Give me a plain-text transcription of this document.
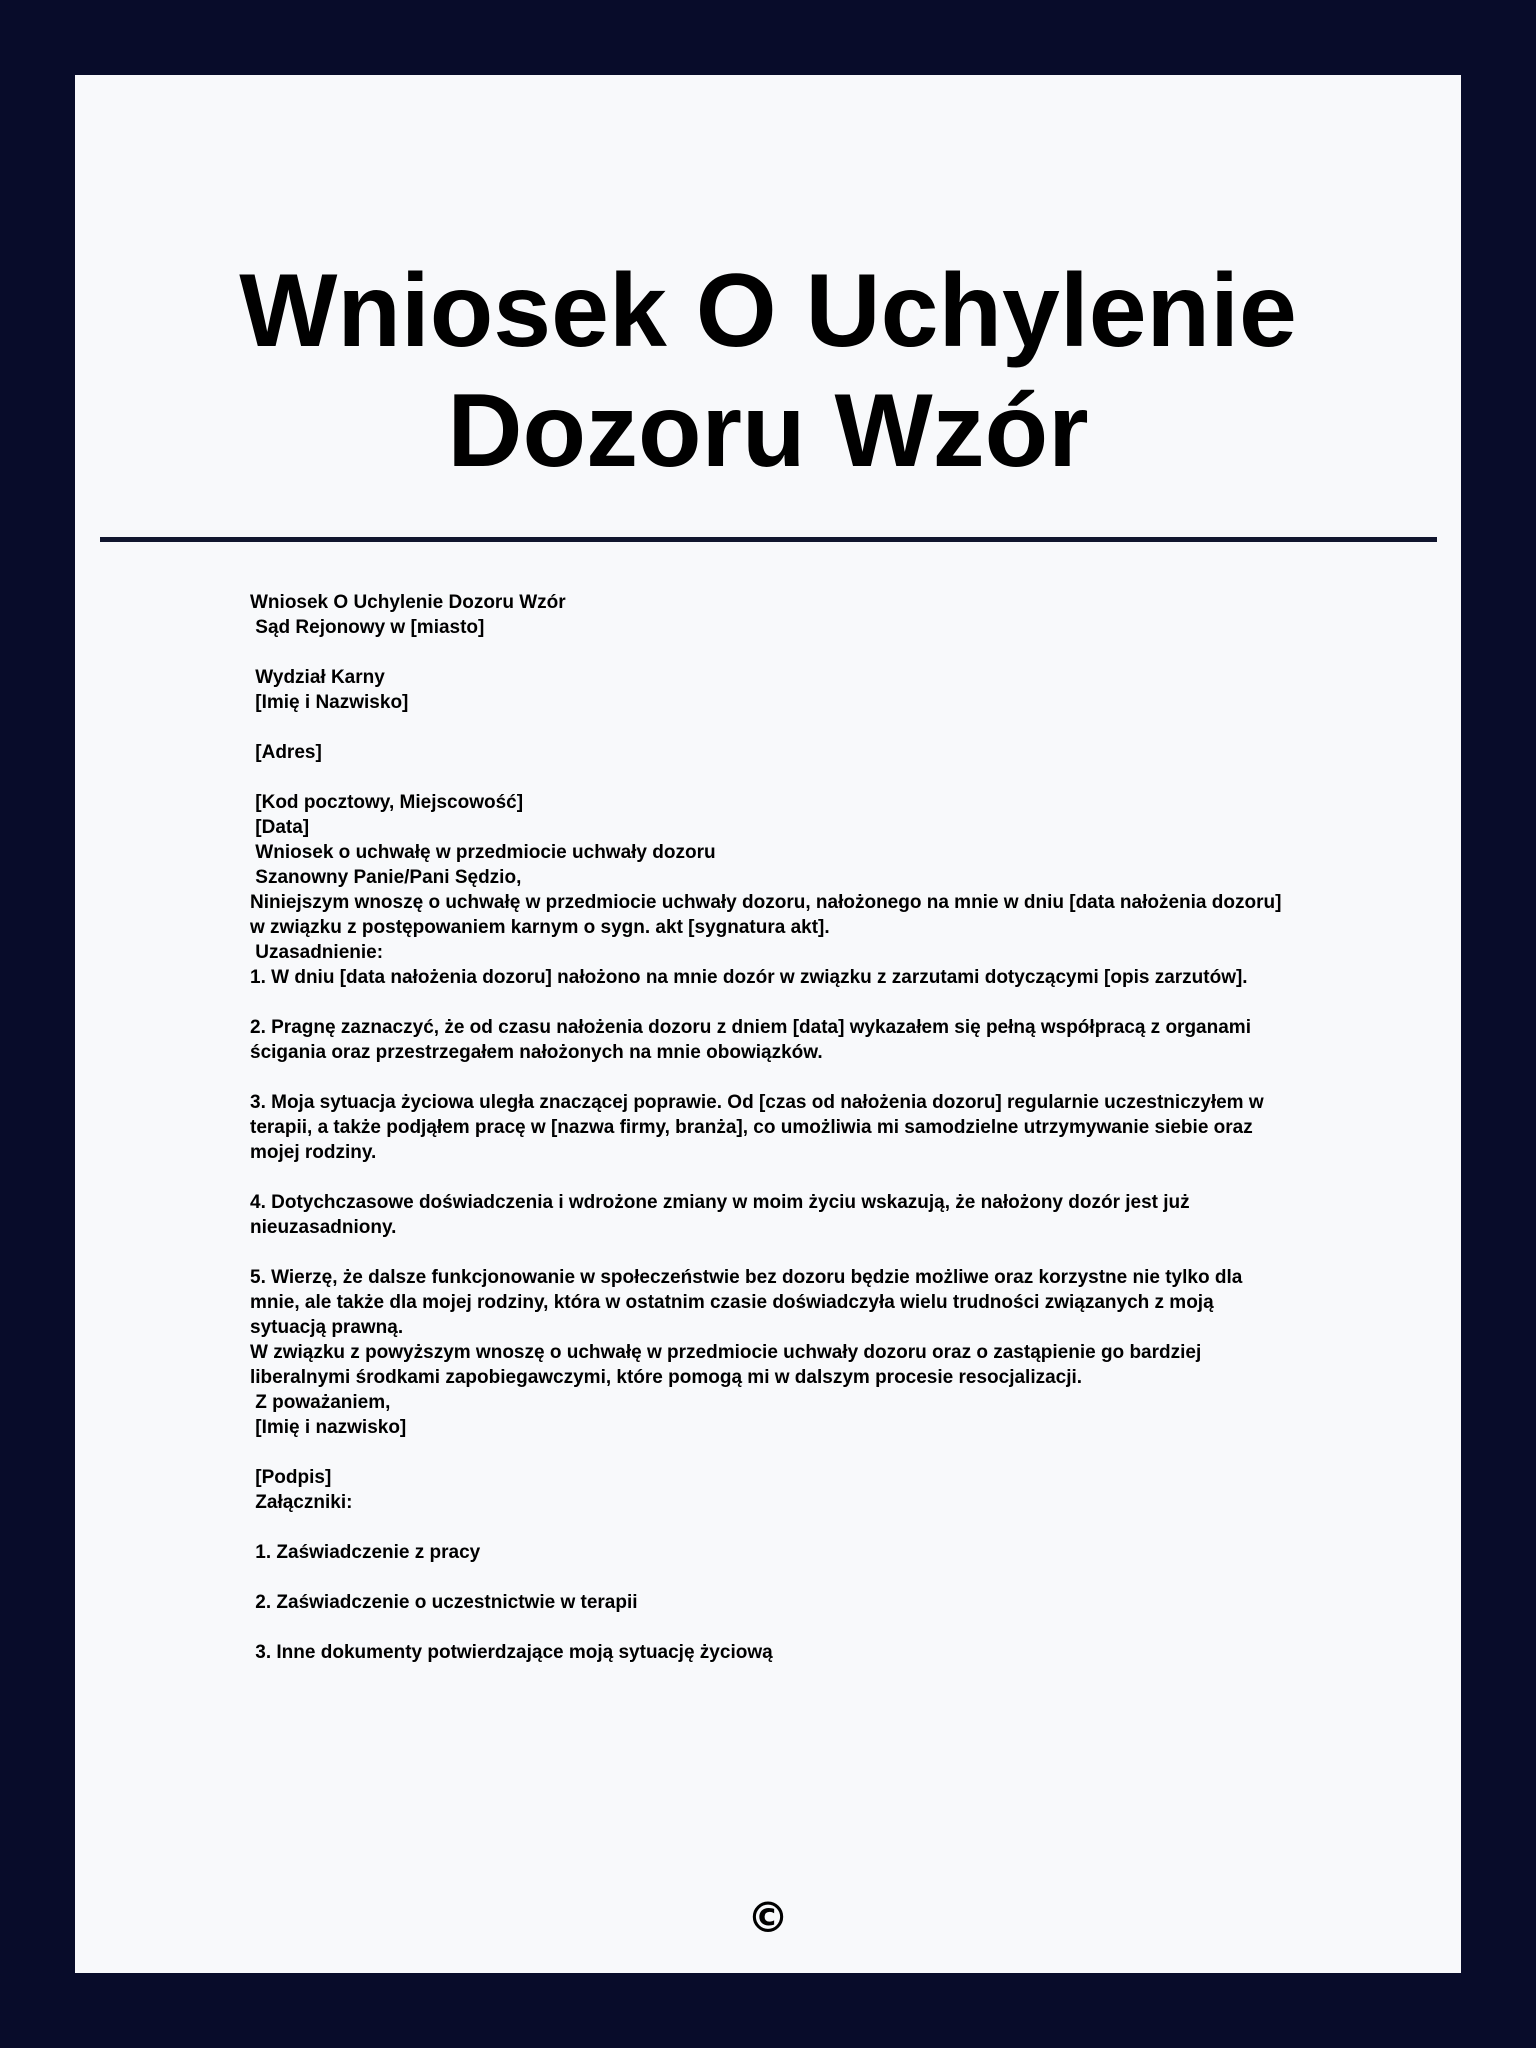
Wniosek O Uchylenie Dozoru Wzór
Wniosek O Uchylenie Dozoru Wzór
Sąd Rejonowy w [miasto]

Wydział Karny
[Imię i Nazwisko]

[Adres]

[Kod pocztowy, Miejscowość]
[Data]
Wniosek o uchwałę w przedmiocie uchwały dozoru
Szanowny Panie/Pani Sędzio,
Niniejszym wnoszę o uchwałę w przedmiocie uchwały dozoru, nałożonego na mnie w dniu [data nałożenia dozoru] w związku z postępowaniem karnym o sygn. akt [sygnatura akt].
Uzasadnienie:
1. W dniu [data nałożenia dozoru] nałożono na mnie dozór w związku z zarzutami dotyczącymi [opis zarzutów].

2. Pragnę zaznaczyć, że od czasu nałożenia dozoru z dniem [data] wykazałem się pełną współpracą z organami ścigania oraz przestrzegałem nałożonych na mnie obowiązków.

3. Moja sytuacja życiowa uległa znaczącej poprawie. Od [czas od nałożenia dozoru] regularnie uczestniczyłem w terapii, a także podjąłem pracę w [nazwa firmy, branża], co umożliwia mi samodzielne utrzymywanie siebie oraz mojej rodziny.

4. Dotychczasowe doświadczenia i wdrożone zmiany w moim życiu wskazują, że nałożony dozór jest już nieuzasadniony.

5. Wierzę, że dalsze funkcjonowanie w społeczeństwie bez dozoru będzie możliwe oraz korzystne nie tylko dla mnie, ale także dla mojej rodziny, która w ostatnim czasie doświadczyła wielu trudności związanych z moją sytuacją prawną.
W związku z powyższym wnoszę o uchwałę w przedmiocie uchwały dozoru oraz o zastąpienie go bardziej liberalnymi środkami zapobiegawczymi, które pomogą mi w dalszym procesie resocjalizacji.
Z poważaniem,
[Imię i nazwisko]

[Podpis]
Załączniki:

1. Zaświadczenie z pracy

2. Zaświadczenie o uczestnictwie w terapii

3. Inne dokumenty potwierdzające moją sytuację życiową
©
